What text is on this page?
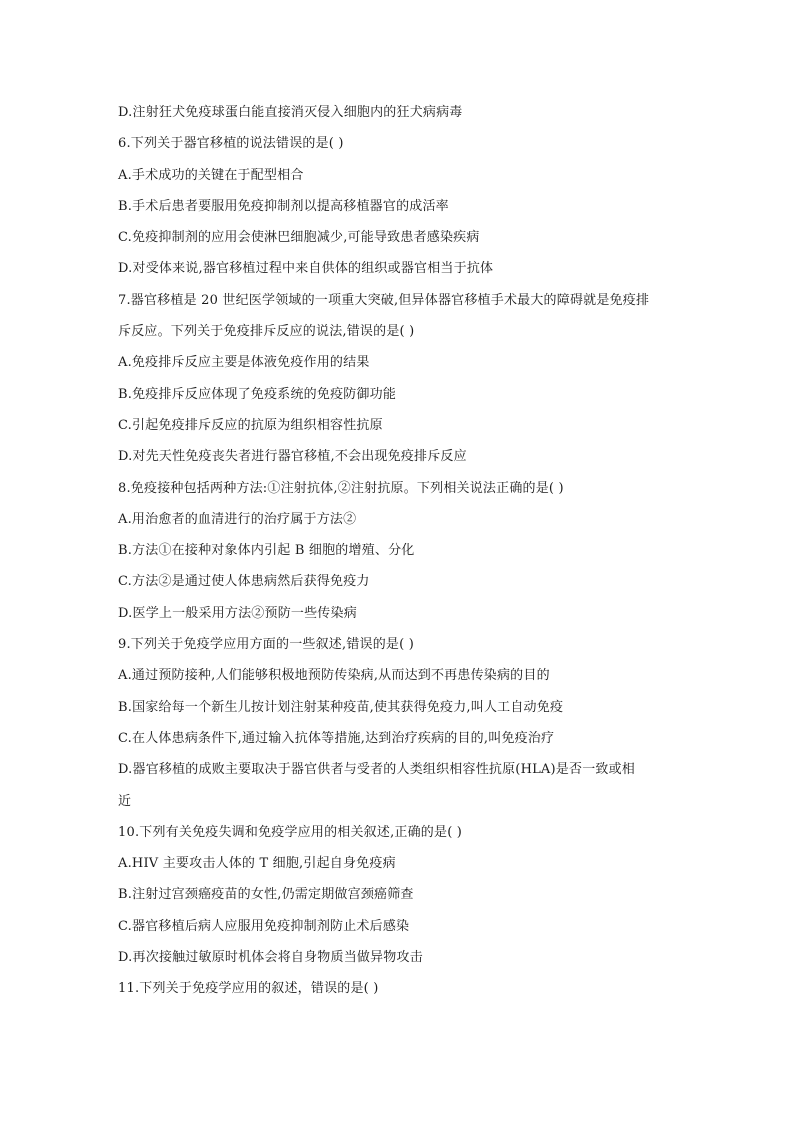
D.注射狂犬免疫球蛋白能直接消灭侵入细胞内的狂犬病病毒
6.下列关于器官移植的说法错误的是( )
A.手术成功的关键在于配型相合
B.手术后患者要服用免疫抑制剂以提高移植器官的成活率
C.免疫抑制剂的应用会使淋巴细胞减少,可能导致患者感染疾病
D.对受体来说,器官移植过程中来自供体的组织或器官相当于抗体
7.器官移植是 20 世纪医学领域的一项重大突破,但异体器官移植手术最大的障碍就是免疫排
斥反应。下列关于免疫排斥反应的说法,错误的是( )
A.免疫排斥反应主要是体液免疫作用的结果
B.免疫排斥反应体现了免疫系统的免疫防御功能
C.引起免疫排斥反应的抗原为组织相容性抗原
D.对先天性免疫丧失者进行器官移植,不会出现免疫排斥反应
8.免疫接种包括两种方法:①注射抗体,②注射抗原。下列相关说法正确的是( )
A.用治愈者的血清进行的治疗属于方法②
B.方法①在接种对象体内引起 B 细胞的增殖、分化
C.方法②是通过使人体患病然后获得免疫力
D.医学上一般采用方法②预防一些传染病
9.下列关于免疫学应用方面的一些叙述,错误的是( )
A.通过预防接种,人们能够积极地预防传染病,从而达到不再患传染病的目的
B.国家给每一个新生儿按计划注射某种疫苗,使其获得免疫力,叫人工自动免疫
C.在人体患病条件下,通过输入抗体等措施,达到治疗疾病的目的,叫免疫治疗
D.器官移植的成败主要取决于器官供者与受者的人类组织相容性抗原(HLA)是否一致或相
近
10.下列有关免疫失调和免疫学应用的相关叙述,正确的是( )
A.HIV 主要攻击人体的 T 细胞,引起自身免疫病
B.注射过宫颈癌疫苗的女性,仍需定期做宫颈癌筛查
C.器官移植后病人应服用免疫抑制剂防止术后感染
D.再次接触过敏原时机体会将自身物质当做异物攻击
11.下列关于免疫学应用的叙述，错误的是( )
